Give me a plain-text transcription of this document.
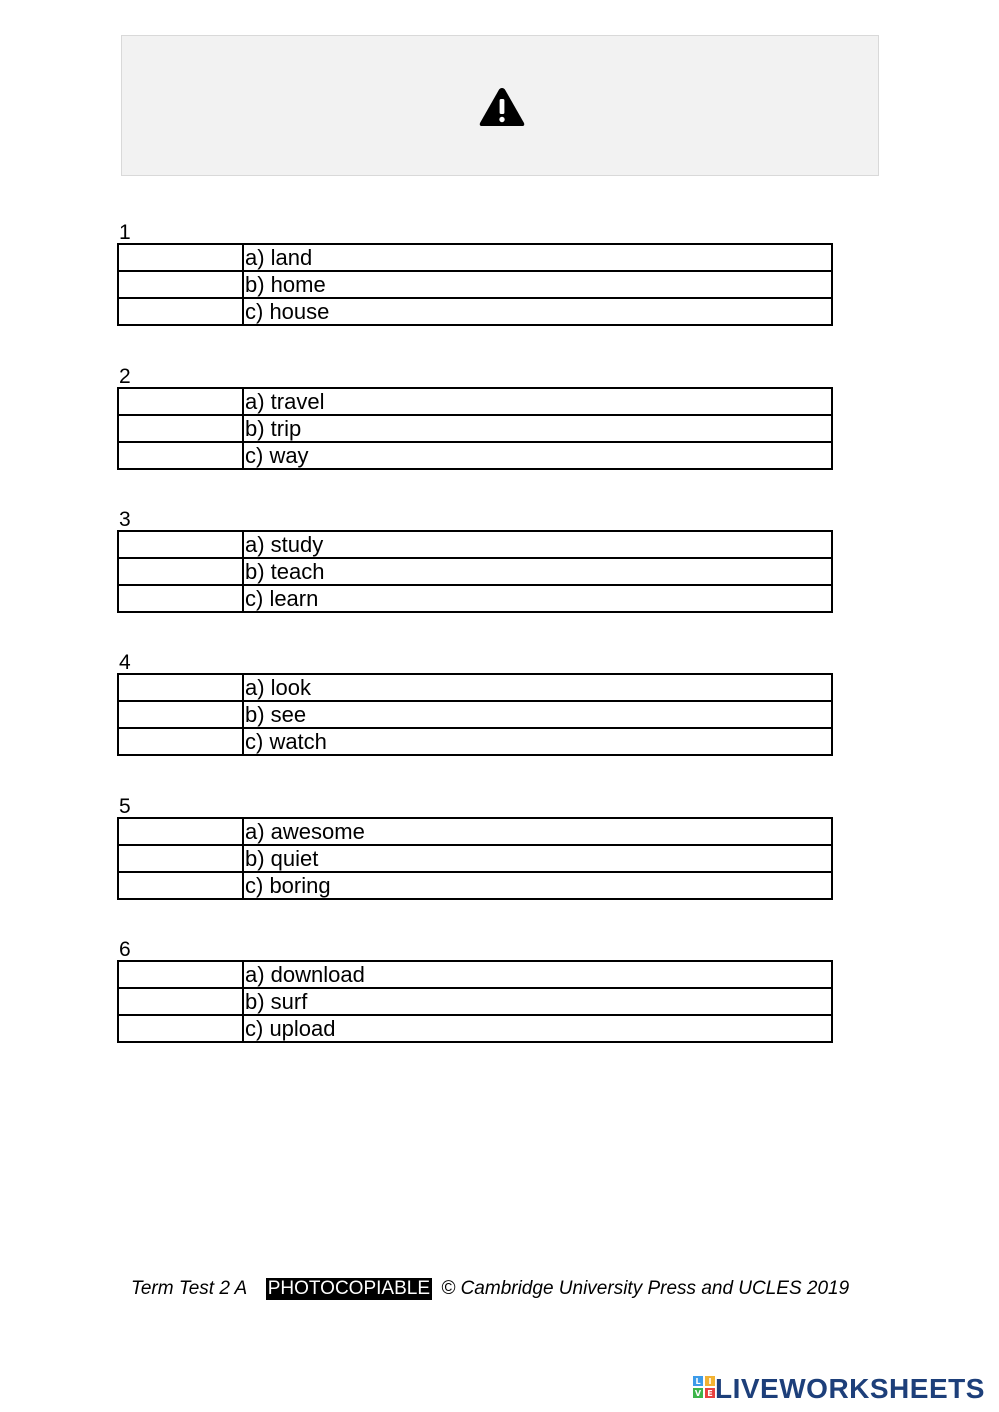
1
	a) land
	b) home
	c) house
2
	a) travel
	b) trip
	c) way
3
	a) study
	b) teach
	c) learn
4
	a) look
	b) see
	c) watch
5
	a) awesome
	b) quiet
	c) boring
6
	a) download
	b) surf
	c) upload
Term Test 2 A PHOTOCOPIABLE © Cambridge University Press and UCLES 2019
L I
V E LIVEWORKSHEETS
